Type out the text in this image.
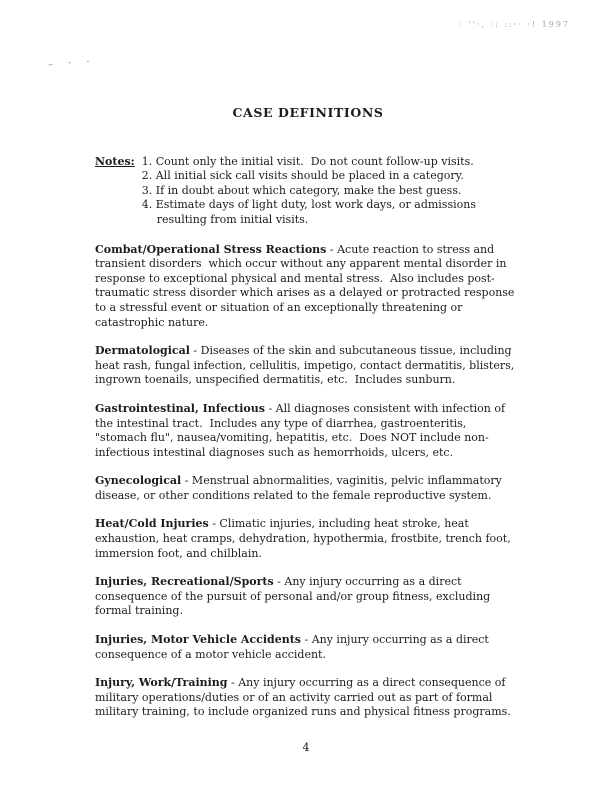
· ''·, ·: ::·· ·! 1997
– · ·
CASE DEFINITIONS
Notes: 1. Count only the initial visit.  Do not count follow-up visits.
2. All initial sick call visits should be placed in a category.
3. If in doubt about which category, make the best guess.
4. Estimate days of light duty, lost work days, or admissions resulting from initial visits.

Combat/Operational Stress Reactions - Acute reaction to stress and transient disorders  which occur without any apparent mental disorder in response to exceptional physical and mental stress.  Also includes post-traumatic stress disorder which arises as a delayed or protracted response to a stressful event or situation of an exceptionally threatening or catastrophic nature.

Dermatological - Diseases of the skin and subcutaneous tissue, including heat rash, fungal infection, cellulitis, impetigo, contact dermatitis, blisters, ingrown toenails, unspecified dermatitis, etc.  Includes sunburn.

Gastrointestinal, Infectious - All diagnoses consistent with infection of the intestinal tract.  Includes any type of diarrhea, gastroenteritis, "stomach flu", nausea/vomiting, hepatitis, etc.  Does NOT include non-infectious intestinal diagnoses such as hemorrhoids, ulcers, etc.

Gynecological - Menstrual abnormalities, vaginitis, pelvic inflammatory disease, or other conditions related to the female reproductive system.

Heat/Cold Injuries - Climatic injuries, including heat stroke, heat exhaustion, heat cramps, dehydration, hypothermia, frostbite, trench foot, immersion foot, and chilblain.

Injuries, Recreational/Sports - Any injury occurring as a direct consequence of the pursuit of personal and/or group fitness, excluding formal training.

Injuries, Motor Vehicle Accidents - Any injury occurring as a direct consequence of a motor vehicle accident.

Injury, Work/Training - Any injury occurring as a direct consequence of military operations/duties or of an activity carried out as part of formal military training, to include organized runs and physical fitness programs.

4
